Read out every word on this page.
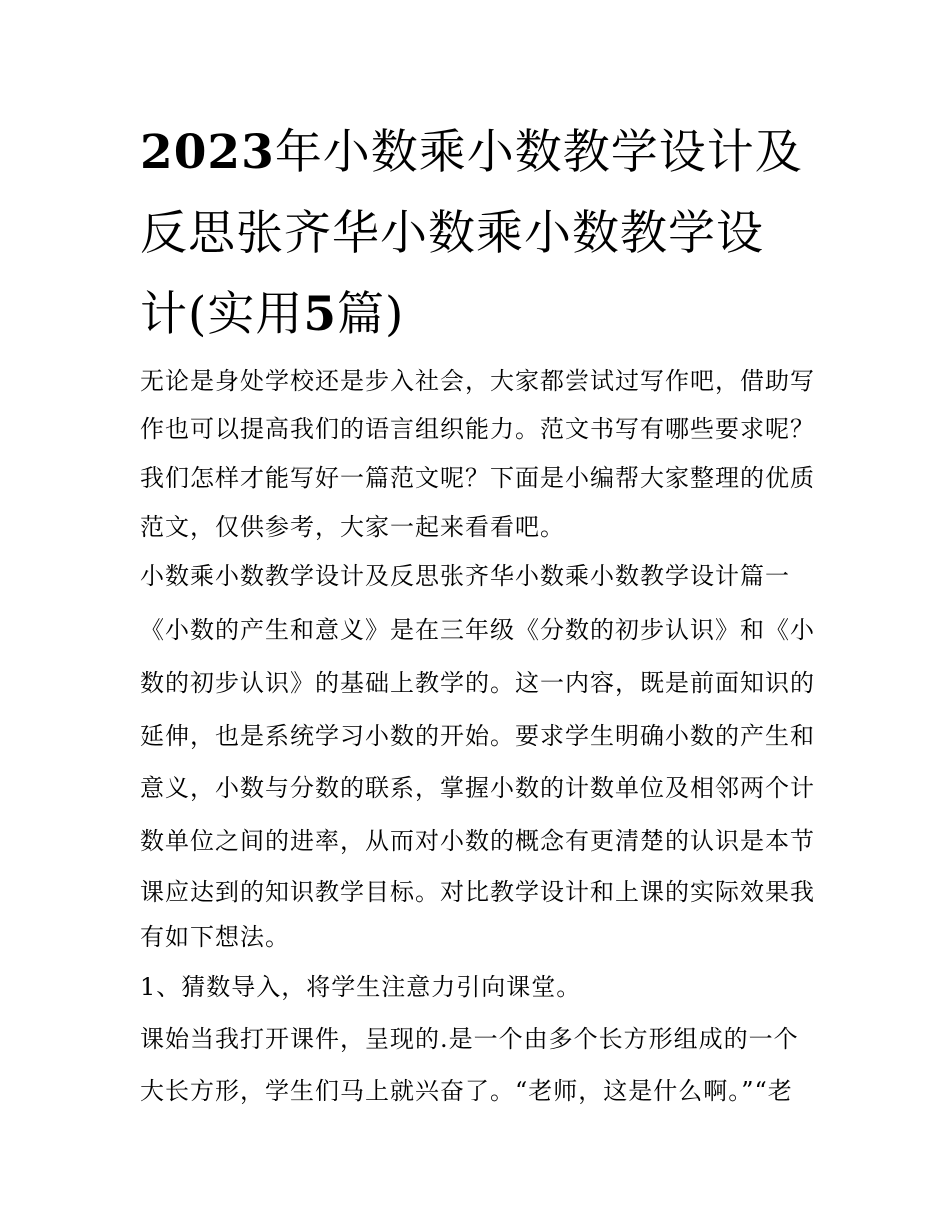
2023年小数乘小数教学设计及
反思张齐华小数乘小数教学设
计(实用5篇)

无论是身处学校还是步入社会，大家都尝试过写作吧，借助写

作也可以提高我们的语言组织能力。范文书写有哪些要求呢？

我们怎样才能写好一篇范文呢？下面是小编帮大家整理的优质

范文，仅供参考，大家一起来看看吧。

小数乘小数教学设计及反思张齐华小数乘小数教学设计篇一

《小数的产生和意义》是在三年级《分数的初步认识》和《小

数的初步认识》的基础上教学的。这一内容，既是前面知识的

延伸，也是系统学习小数的开始。要求学生明确小数的产生和

意义，小数与分数的联系，掌握小数的计数单位及相邻两个计

数单位之间的进率，从而对小数的概念有更清楚的认识是本节

课应达到的知识教学目标。对比教学设计和上课的实际效果我

有如下想法。

1、猜数导入，将学生注意力引向课堂。

课始当我打开课件，呈现的.是一个由多个长方形组成的一个

大长方形，学生们马上就兴奋了。“老师，这是什么啊。”“老
